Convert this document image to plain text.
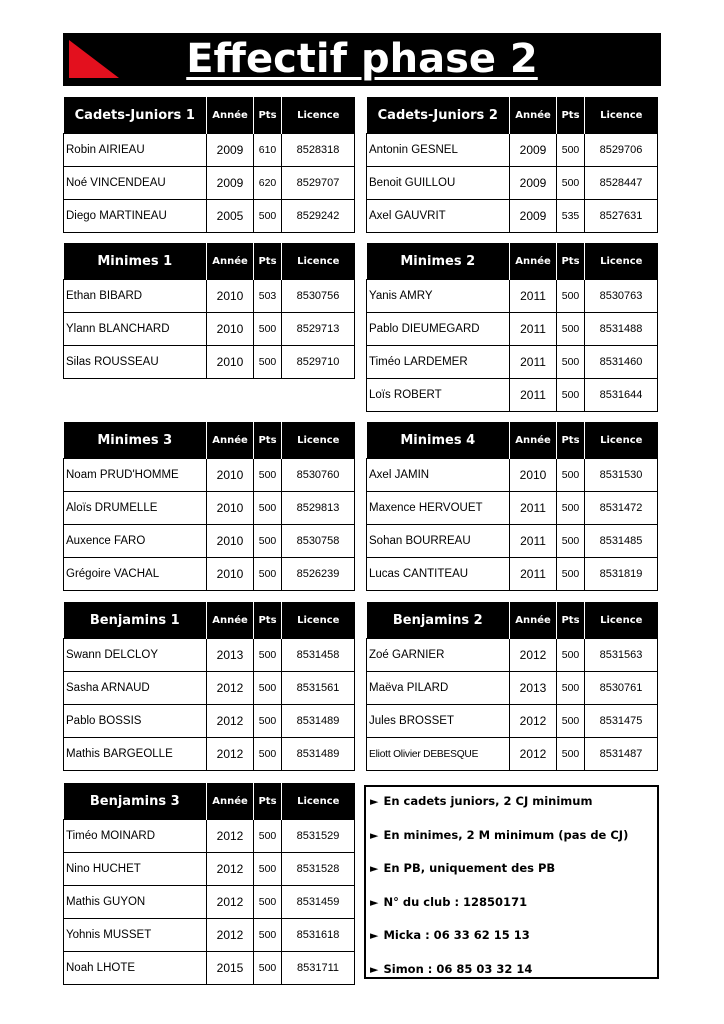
Effectif phase 2
Cadets-Juniors 1	Année	Pts	Licence
Robin AIRIEAU	2009	610	8528318
Noé VINCENDEAU	2009	620	8529707
Diego MARTINEAU	2005	500	8529242
Cadets-Juniors 2	Année	Pts	Licence
Antonin GESNEL	2009	500	8529706
Benoit GUILLOU	2009	500	8528447
Axel GAUVRIT	2009	535	8527631
Minimes 1	Année	Pts	Licence
Ethan BIBARD	2010	503	8530756
Ylann BLANCHARD	2010	500	8529713
Silas ROUSSEAU	2010	500	8529710
Minimes 2	Année	Pts	Licence
Yanis AMRY	2011	500	8530763
Pablo DIEUMEGARD	2011	500	8531488
Timéo LARDEMER	2011	500	8531460
Loïs ROBERT	2011	500	8531644
Minimes 3	Année	Pts	Licence
Noam PRUD'HOMME	2010	500	8530760
Aloïs DRUMELLE	2010	500	8529813
Auxence FARO	2010	500	8530758
Grégoire VACHAL	2010	500	8526239
Minimes 4	Année	Pts	Licence
Axel JAMIN	2010	500	8531530
Maxence HERVOUET	2011	500	8531472
Sohan BOURREAU	2011	500	8531485
Lucas CANTITEAU	2011	500	8531819
Benjamins 1	Année	Pts	Licence
Swann DELCLOY	2013	500	8531458
Sasha ARNAUD	2012	500	8531561
Pablo BOSSIS	2012	500	8531489
Mathis BARGEOLLE	2012	500	8531489
Benjamins 2	Année	Pts	Licence
Zoé GARNIER	2012	500	8531563
Maëva PILARD	2013	500	8530761
Jules BROSSET	2012	500	8531475
Eliott Olivier DEBESQUE	2012	500	8531487
Benjamins 3	Année	Pts	Licence
Timéo MOINARD	2012	500	8531529
Nino HUCHET	2012	500	8531528
Mathis GUYON	2012	500	8531459
Yohnis MUSSET	2012	500	8531618
Noah LHOTE	2015	500	8531711
► En cadets juniors, 2 CJ minimum
► En minimes, 2 M minimum (pas de CJ)
► En PB, uniquement des PB
► N° du club : 12850171
► Micka : 06 33 62 15 13
► Simon : 06 85 03 32 14
